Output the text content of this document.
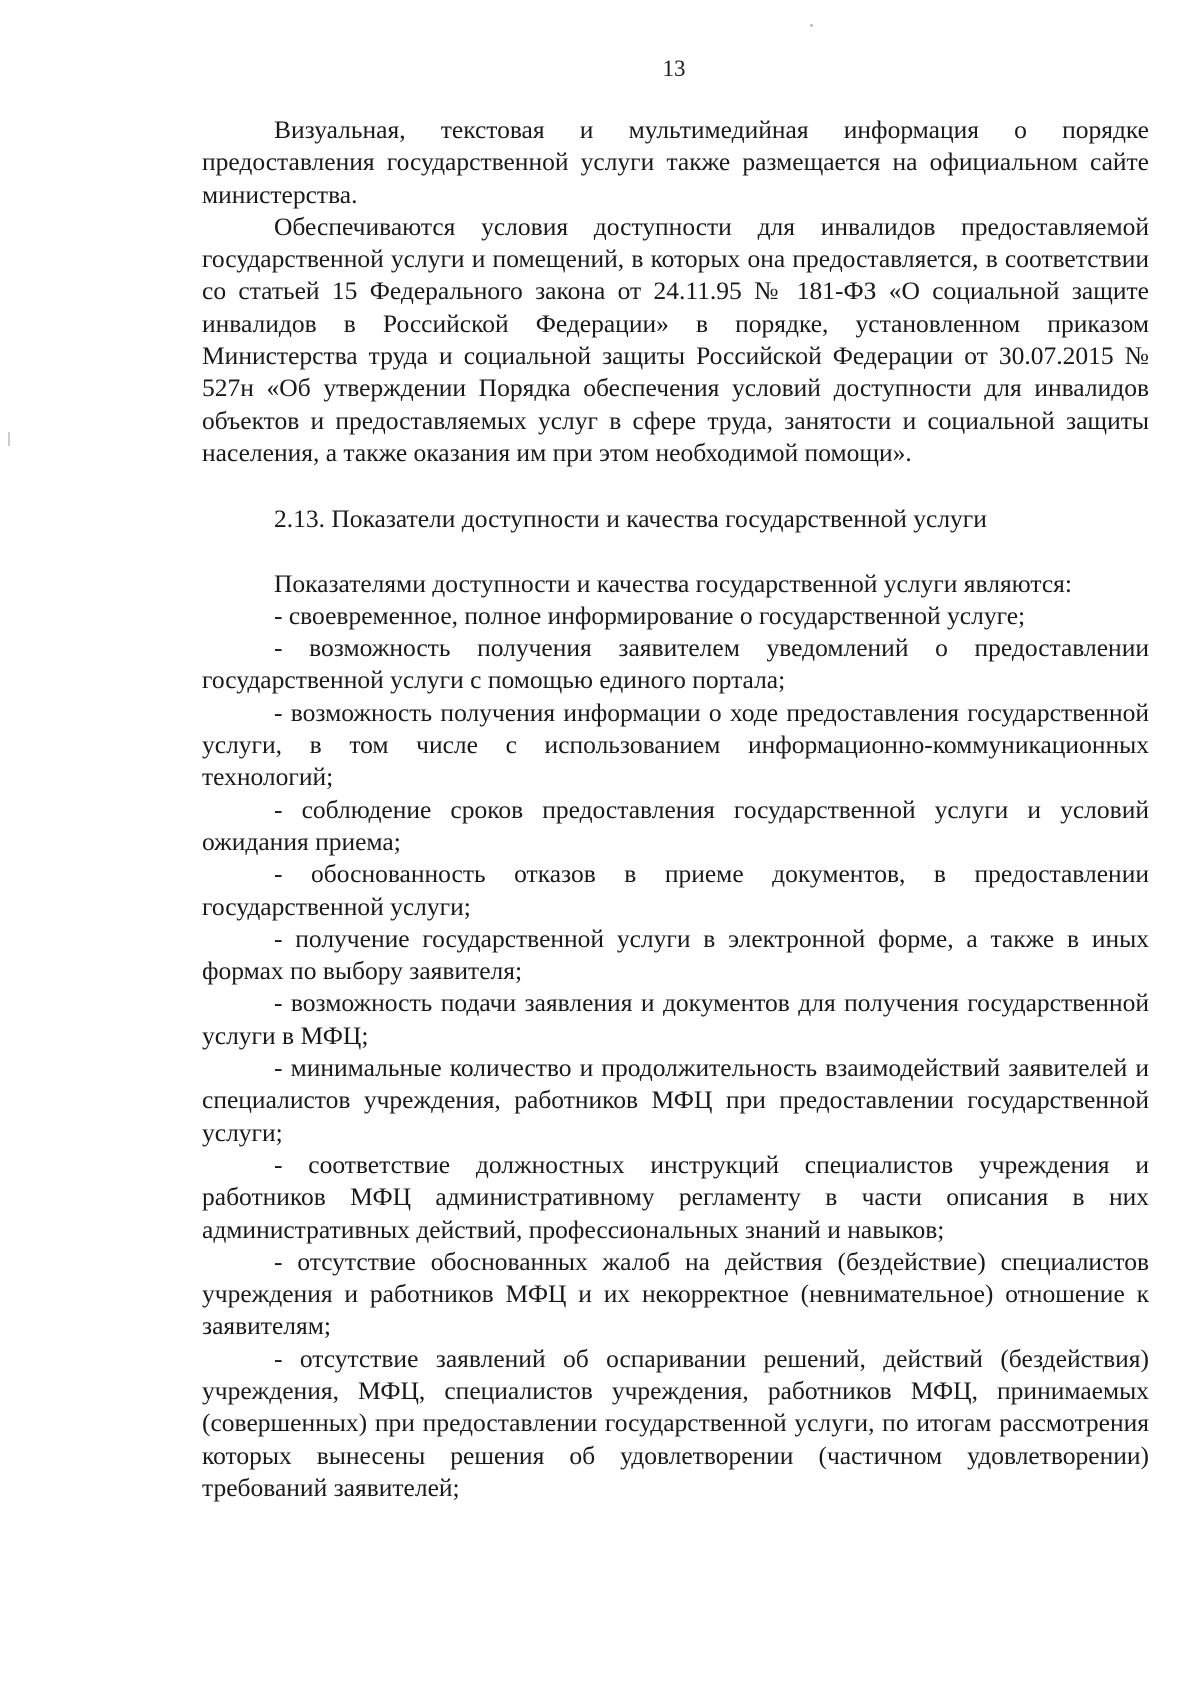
13

Визуальная, текстовая и мультимедийная информация о порядке предоставления государственной услуги также размещается на официальном сайте министерства.

Обеспечиваются условия доступности для инвалидов предоставляемой государственной услуги и помещений, в которых она предоставляется, в соответствии со статьей 15 Федерального закона от 24.11.95 № 181-ФЗ «О социальной защите инвалидов в Российской Федерации» в порядке, установленном приказом Министерства труда и социальной защиты Российской Федерации от 30.07.2015 № 527н «Об утверждении Порядка обеспечения условий доступности для инвалидов объектов и предоставляемых услуг в сфере труда, занятости и социальной защиты населения, а также оказания им при этом необходимой помощи».

2.13. Показатели доступности и качества государственной услуги

Показателями доступности и качества государственной услуги являются:

- своевременное, полное информирование о государственной услуге;

- возможность получения заявителем уведомлений о предоставлении государственной услуги с помощью единого портала;

- возможность получения информации о ходе предоставления государственной услуги, в том числе с использованием информационно-коммуникационных технологий;

- соблюдение сроков предоставления государственной услуги и условий ожидания приема;

- обоснованность отказов в приеме документов, в предоставлении государственной услуги;

- получение государственной услуги в электронной форме, а также в иных формах по выбору заявителя;

- возможность подачи заявления и документов для получения государственной услуги в МФЦ;

- минимальные количество и продолжительность взаимодействий заявителей и специалистов учреждения, работников МФЦ при предоставлении государственной услуги;

- соответствие должностных инструкций специалистов учреждения и работников МФЦ административному регламенту в части описания в них административных действий, профессиональных знаний и навыков;

- отсутствие обоснованных жалоб на действия (бездействие) специалистов учреждения и работников МФЦ и их некорректное (невнимательное) отношение к заявителям;

- отсутствие заявлений об оспаривании решений, действий (бездействия) учреждения, МФЦ, специалистов учреждения, работников МФЦ, принимаемых (совершенных) при предоставлении государственной услуги, по итогам рассмотрения которых вынесены решения об удовлетворении (частичном удовлетворении) требований заявителей;
